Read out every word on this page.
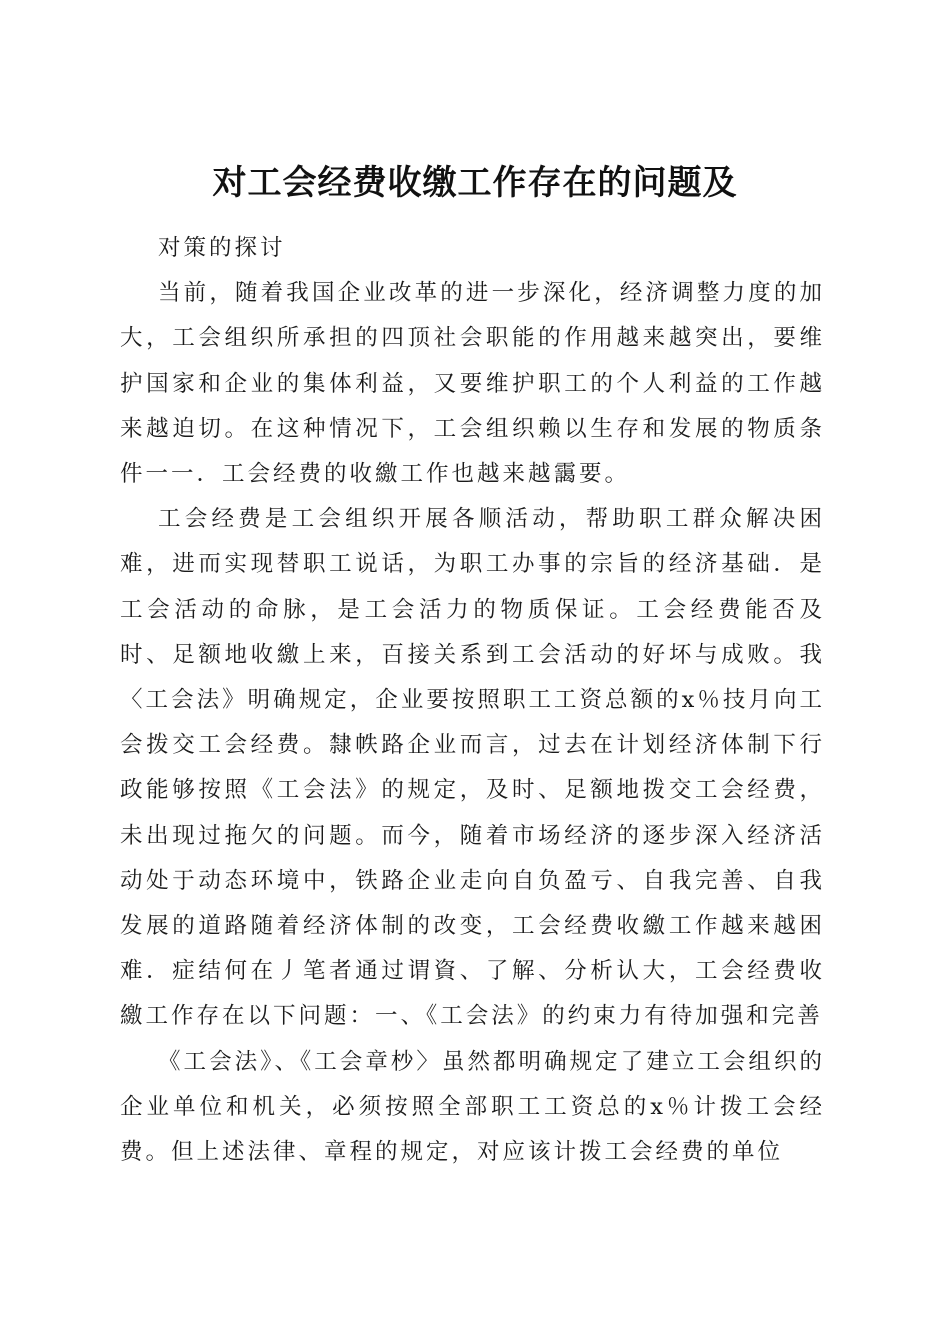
对工会经费收缴工作存在的问题及

对策的探讨

当前，随着我国企业改革的进一步深化，经济调整力度的加大，工会组织所承担的四顶社会职能的作用越来越突出，要维护国家和企业的集体利益，又要维护职工的个人利益的工作越来越迫切。在这种情况下，工会组织赖以生存和发展的物质条件一一．工会经费的收繳工作也越来越靄要。

工会经费是工会组织开展各顺活动，帮助职工群众解决困难，进而实现替职工说话，为职工办事的宗旨的经济基础．是工会活动的命脉，是工会活力的物质保证。工会经费能否及时、足额地收繳上来，百接关系到工会活动的好坏与成败。我〈工会法》明确规定，企业要按照职工工资总额的x％技月向工会拨交工会经费。隸帙路企业而言，过去在计划经济体制下行政能够按照《工会法》的规定，及时、足额地拨交工会经费，未出现过拖欠的问题。而今，随着市场经济的逐步深入经济活动处于动态环境中，铁路企业走向自负盈亏、自我完善、自我发展的道路随着经济体制的改变，工会经费收繳工作越来越困难．症结何在丿笔者通过谓資、了解、分析认大，工会经费收繳工作存在以下问题：一、《工会法》的约束力有待加强和完善

《工会法》、《工会章杪〉虽然都明确规定了建立工会组织的企业单位和机关，必须按照全部职工工资总的x％计拨工会经费。但上述法律、章程的规定，对应该计拨工会经费的单位
